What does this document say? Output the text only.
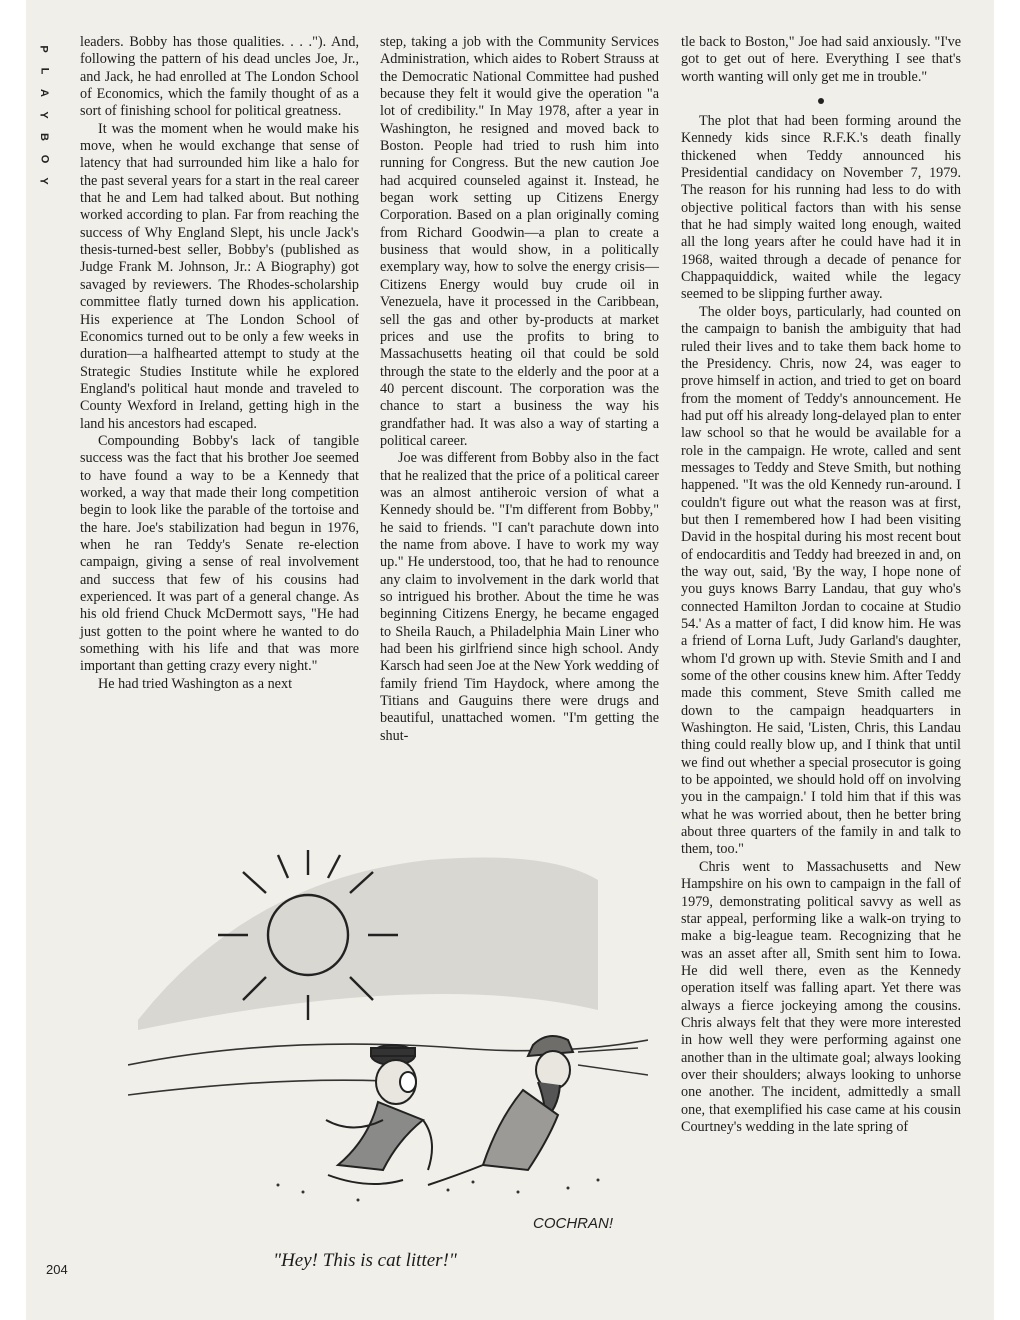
P
L
A
Y
B
O
Y

leaders. Bobby has those qualities. . . ."). And, following the pattern of his dead uncles Joe, Jr., and Jack, he had enrolled at The London School of Economics, which the family thought of as a sort of finishing school for political greatness.

It was the moment when he would make his move, when he would exchange that sense of latency that had surrounded him like a halo for the past several years for a start in the real career that he and Lem had talked about. But nothing worked according to plan. Far from reaching the success of Why England Slept, his uncle Jack's thesis-turned-best seller, Bobby's (published as Judge Frank M. Johnson, Jr.: A Biography) got savaged by reviewers. The Rhodes-scholarship committee flatly turned down his application. His experience at The London School of Economics turned out to be only a few weeks in duration—a halfhearted attempt to study at the Strategic Studies Institute while he explored England's political haut monde and traveled to County Wexford in Ireland, getting high in the land his ancestors had escaped.

Compounding Bobby's lack of tangible success was the fact that his brother Joe seemed to have found a way to be a Kennedy that worked, a way that made their long competition begin to look like the parable of the tortoise and the hare. Joe's stabilization had begun in 1976, when he ran Teddy's Senate re-election campaign, giving a sense of real involvement and success that few of his cousins had experienced. It was part of a general change. As his old friend Chuck McDermott says, "He had just gotten to the point where he wanted to do something with his life and that was more important than getting crazy every night."

He had tried Washington as a next

step, taking a job with the Community Services Administration, which aides to Robert Strauss at the Democratic National Committee had pushed because they felt it would give the operation "a lot of credibility." In May 1978, after a year in Washington, he resigned and moved back to Boston. People had tried to rush him into running for Congress. But the new caution Joe had acquired counseled against it. Instead, he began work setting up Citizens Energy Corporation. Based on a plan originally coming from Richard Goodwin—a plan to create a business that would show, in a politically exemplary way, how to solve the energy crisis—Citizens Energy would buy crude oil in Venezuela, have it processed in the Caribbean, sell the gas and other by-products at market prices and use the profits to bring to Massachusetts heating oil that could be sold through the state to the elderly and the poor at a 40 percent discount. The corporation was the chance to start a business the way his grandfather had. It was also a way of starting a political career.

Joe was different from Bobby also in the fact that he realized that the price of a political career was an almost antiheroic version of what a Kennedy should be. "I'm different from Bobby," he said to friends. "I can't parachute down into the name from above. I have to work my way up." He understood, too, that he had to renounce any claim to involvement in the dark world that so intrigued his brother. About the time he was beginning Citizens Energy, he became engaged to Sheila Rauch, a Philadelphia Main Liner who had been his girlfriend since high school. Andy Karsch had seen Joe at the New York wedding of family friend Tim Haydock, where among the Titians and Gauguins there were drugs and beautiful, unattached women. "I'm getting the shut-

tle back to Boston," Joe had said anxiously. "I've got to get out of here. Everything I see that's worth wanting will only get me in trouble."

The plot that had been forming around the Kennedy kids since R.F.K.'s death finally thickened when Teddy announced his Presidential candidacy on November 7, 1979. The reason for his running had less to do with objective political factors than with his sense that he had simply waited long enough, waited all the long years after he could have had it in 1968, waited through a decade of penance for Chappaquiddick, waited while the legacy seemed to be slipping further away.

The older boys, particularly, had counted on the campaign to banish the ambiguity that had ruled their lives and to take them back home to the Presidency. Chris, now 24, was eager to prove himself in action, and tried to get on board from the moment of Teddy's announcement. He had put off his already long-delayed plan to enter law school so that he would be available for a role in the campaign. He wrote, called and sent messages to Teddy and Steve Smith, but nothing happened. "It was the old Kennedy run-around. I couldn't figure out what the reason was at first, but then I remembered how I had been visiting David in the hospital during his most recent bout of endocarditis and Teddy had breezed in and, on the way out, said, 'By the way, I hope none of you guys knows Barry Landau, that guy who's connected Hamilton Jordan to cocaine at Studio 54.' As a matter of fact, I did know him. He was a friend of Lorna Luft, Judy Garland's daughter, whom I'd grown up with. Stevie Smith and I and some of the other cousins knew him. After Teddy made this comment, Steve Smith called me down to the campaign headquarters in Washington. He said, 'Listen, Chris, this Landau thing could really blow up, and I think that until we find out whether a special prosecutor is going to be appointed, we should hold off on involving you in the campaign.' I told him that if this was what he was worried about, then he better bring about three quarters of the family in and talk to them, too."

Chris went to Massachusetts and New Hampshire on his own to campaign in the fall of 1979, demonstrating political savvy as well as star appeal, performing like a walk-on trying to make a big-league team. Recognizing that he was an asset after all, Smith sent him to Iowa. He did well there, even as the Kennedy operation itself was falling apart. Yet there was always a fierce jockeying among the cousins. Chris always felt that they were more interested in how well they were performing against one another than in the ultimate goal; always looking over their shoulders; always looking to unhorse one another. The incident, admittedly a small one, that exemplified his case came at his cousin Courtney's wedding in the late spring of

COCHRAN!
"Hey! This is cat litter!"
204
